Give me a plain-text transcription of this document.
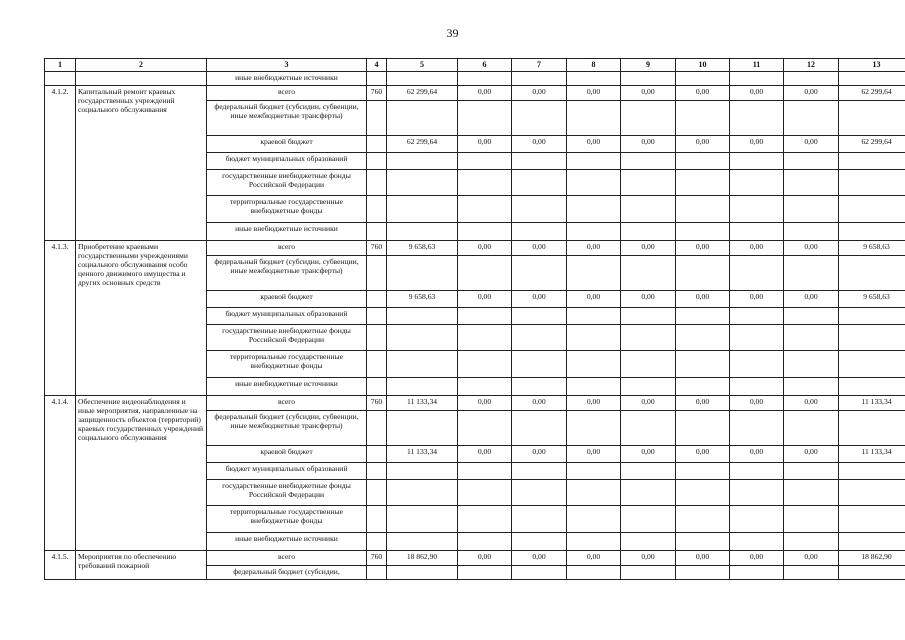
39
1	2	3	4	5	6	7	8	9	10	11	12	13
		иные внебюджетные источники										
4.1.2.	Капитальный ремонт краевых государственных учреждений социального обслуживания	всего	760	62 299,64	0,00	0,00	0,00	0,00	0,00	0,00	0,00	62 299,64
		федеральный бюджет (субсидии, субвенции, иные межбюджетные трансферты)										
		краевой бюджет		62 299,64	0,00	0,00	0,00	0,00	0,00	0,00	0,00	62 299,64
		бюджет муниципальных образований										
		государственные внебюджетные фонды Российской Федерации										
		территориальные государственные внебюджетные фонды										
		иные внебюджетные источники										
4.1.3.	Приобретение краевыми государственными учреждениями социального обслуживания особо ценного движимого имущества и других основных средств	всего	760	9 658,63	0,00	0,00	0,00	0,00	0,00	0,00	0,00	9 658,63
		федеральный бюджет (субсидии, субвенции, иные межбюджетные трансферты)										
		краевой бюджет		9 658,63	0,00	0,00	0,00	0,00	0,00	0,00	0,00	9 658,63
		бюджет муниципальных образований										
		государственные внебюджетные фонды Российской Федерации										
		территориальные государственные внебюджетные фонды										
		иные внебюджетные источники										
4.1.4.	Обеспечение видеонаблюдения и иные мероприятия, направленные на защищенность объектов (территорий) краевых государственных учреждений социального обслуживания	всего	760	11 133,34	0,00	0,00	0,00	0,00	0,00	0,00	0,00	11 133,34
		федеральный бюджет (субсидии, субвенции, иные межбюджетные трансферты)										
		краевой бюджет		11 133,34	0,00	0,00	0,00	0,00	0,00	0,00	0,00	11 133,34
		бюджет муниципальных образований										
		государственные внебюджетные фонды Российской Федерации										
		территориальные государственные внебюджетные фонды										
		иные внебюджетные источники										
4.1.5.	Мероприятия по обеспечению требований пожарной	всего	760	18 862,90	0,00	0,00	0,00	0,00	0,00	0,00	0,00	18 862,90
		федеральный бюджет (субсидии,										
